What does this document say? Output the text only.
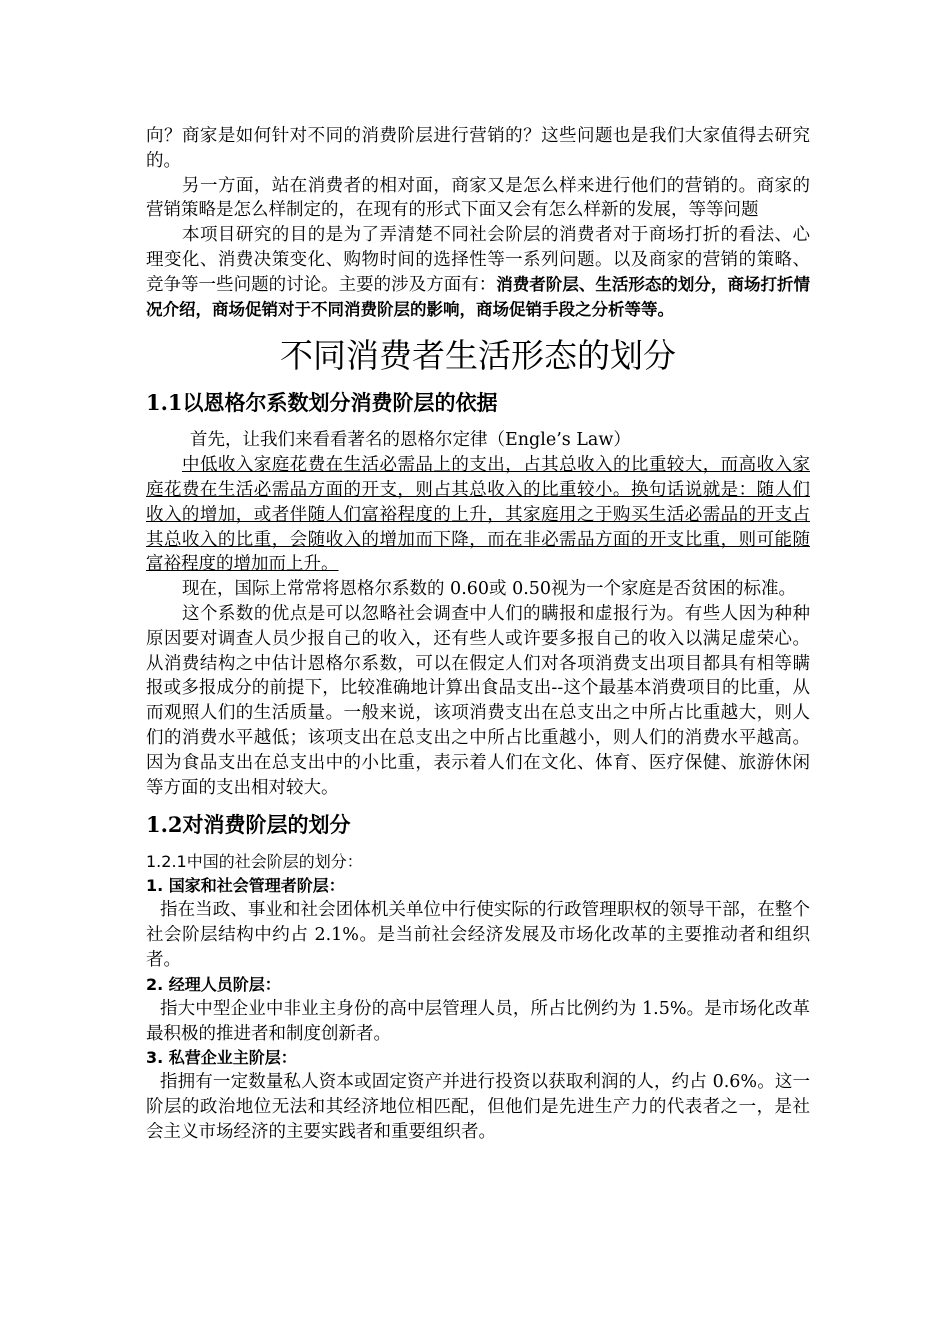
向？商家是如何针对不同的消费阶层进行营销的？这些问题也是我们大家值得去研究的。

另一方面，站在消费者的相对面，商家又是怎么样来进行他们的营销的。商家的营销策略是怎么样制定的，在现有的形式下面又会有怎么样新的发展，等等问题

本项目研究的目的是为了弄清楚不同社会阶层的消费者对于商场打折的看法、心理变化、消费决策变化、购物时间的选择性等一系列问题。以及商家的营销的策略、竞争等一些问题的讨论。主要的涉及方面有：消费者阶层、生活形态的划分，商场打折情况介绍，商场促销对于不同消费阶层的影响，商场促销手段之分析等等。

不同消费者生活形态的划分
1.1以恩格尔系数划分消费阶层的依据

首先，让我们来看看著名的恩格尔定律（Engle’s Law）

中低收入家庭花费在生活必需品上的支出，占其总收入的比重较大，而高收入家庭花费在生活必需品方面的开支，则占其总收入的比重较小。换句话说就是：随人们收入的增加，或者伴随人们富裕程度的上升，其家庭用之于购买生活必需品的开支占其总收入的比重，会随收入的增加而下降，而在非必需品方面的开支比重，则可能随富裕程度的增加而上升。

现在，国际上常常将恩格尔系数的 0.60或 0.50视为一个家庭是否贫困的标准。

这个系数的优点是可以忽略社会调查中人们的瞒报和虚报行为。有些人因为种种原因要对调查人员少报自己的收入，还有些人或许要多报自己的收入以满足虚荣心。从消费结构之中估计恩格尔系数，可以在假定人们对各项消费支出项目都具有相等瞒报或多报成分的前提下，比较准确地计算出食品支出--这个最基本消费项目的比重，从而观照人们的生活质量。一般来说，该项消费支出在总支出之中所占比重越大，则人们的消费水平越低；该项支出在总支出之中所占比重越小，则人们的消费水平越高。因为食品支出在总支出中的小比重，表示着人们在文化、体育、医疗保健、旅游休闲等方面的支出相对较大。

1.2对消费阶层的划分

1.2.1中国的社会阶层的划分：

1. 国家和社会管理者阶层：

指在当政、事业和社会团体机关单位中行使实际的行政管理职权的领导干部，在整个社会阶层结构中约占 2.1%。是当前社会经济发展及市场化改革的主要推动者和组织者。

2. 经理人员阶层：

指大中型企业中非业主身份的高中层管理人员，所占比例约为 1.5%。是市场化改革最积极的推进者和制度创新者。

3. 私营企业主阶层：

指拥有一定数量私人资本或固定资产并进行投资以获取利润的人，约占 0.6%。这一阶层的政治地位无法和其经济地位相匹配，但他们是先进生产力的代表者之一，是社会主义市场经济的主要实践者和重要组织者。
